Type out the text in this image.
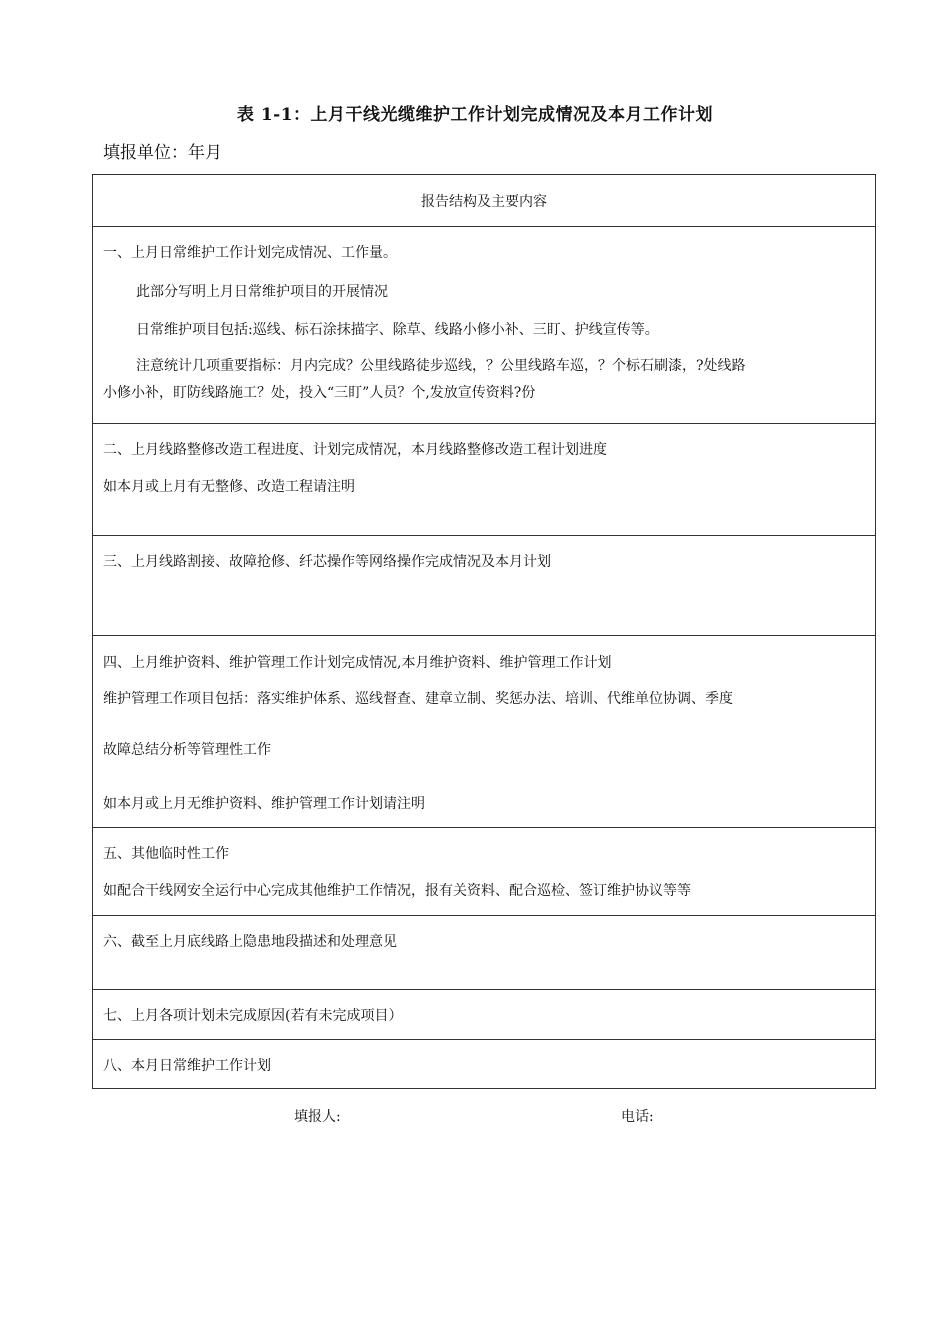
表 1-1：上月干线光缆维护工作计划完成情况及本月工作计划
填报单位：年月
报告结构及主要内容
一、上月日常维护工作计划完成情况、工作量。
此部分写明上月日常维护项目的开展情况
日常维护项目包括:巡线、标石涂抹描字、除草、线路小修小补、三盯、护线宣传等。
注意统计几项重要指标：月内完成？公里线路徒步巡线，？公里线路车巡，？个标石刷漆，?处线路
小修小补，盯防线路施工？处，投入“三盯”人员？个,发放宣传资料?份
二、上月线路整修改造工程进度、计划完成情况，本月线路整修改造工程计划进度
如本月或上月有无整修、改造工程请注明
三、上月线路割接、故障抢修、纤芯操作等网络操作完成情况及本月计划
四、上月维护资料、维护管理工作计划完成情况,本月维护资料、维护管理工作计划
维护管理工作项目包括：落实维护体系、巡线督查、建章立制、奖惩办法、培训、代维单位协调、季度
故障总结分析等管理性工作
如本月或上月无维护资料、维护管理工作计划请注明
五、其他临时性工作
如配合干线网安全运行中心完成其他维护工作情况，报有关资料、配合巡检、签订维护协议等等
六、截至上月底线路上隐患地段描述和处理意见
七、上月各项计划未完成原因(若有未完成项目）
八、本月日常维护工作计划
填报人:	电话:
